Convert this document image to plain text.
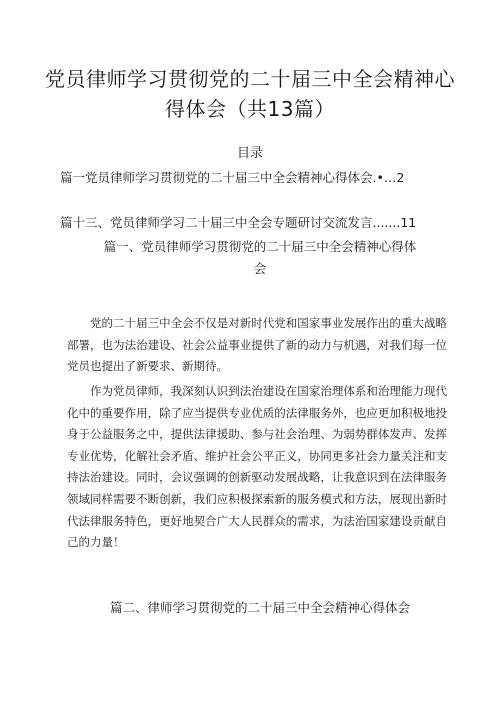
党员律师学习贯彻党的二十届三中全会精神心
得体会（共13篇）
目录
篇一党员律师学习贯彻党的二十届三中全会精神心得体会.•…2
篇十三、党员律师学习二十届三中全会专题研讨交流发言.......11
篇一、党员律师学习贯彻党的二十届三中全会精神心得体
会

党的二十届三中全会不仅是对新时代党和国家事业发展作出的重大战略部署，也为法治建设、社会公益事业提供了新的动力与机遇，对我们每一位党员也提出了新要求、新期待。

作为党员律师，我深刻认识到法治建设在国家治理体系和治理能力现代化中的重要作用，除了应当提供专业优质的法律服务外，也应更加积极地投身于公益服务之中，提供法律援助、参与社会治理、为弱势群体发声、发挥专业优势，化解社会矛盾、维护社会公平正义，协同更多社会力量关注和支持法治建设。同时，会议强调的创新驱动发展战略，让我意识到在法律服务领域同样需要不断创新，我们应积极探索新的服务模式和方法，展现出新时代法律服务特色，更好地契合广大人民群众的需求，为法治国家建设贡献自己的力量！

篇二、律师学习贯彻党的二十届三中全会精神心得体会
